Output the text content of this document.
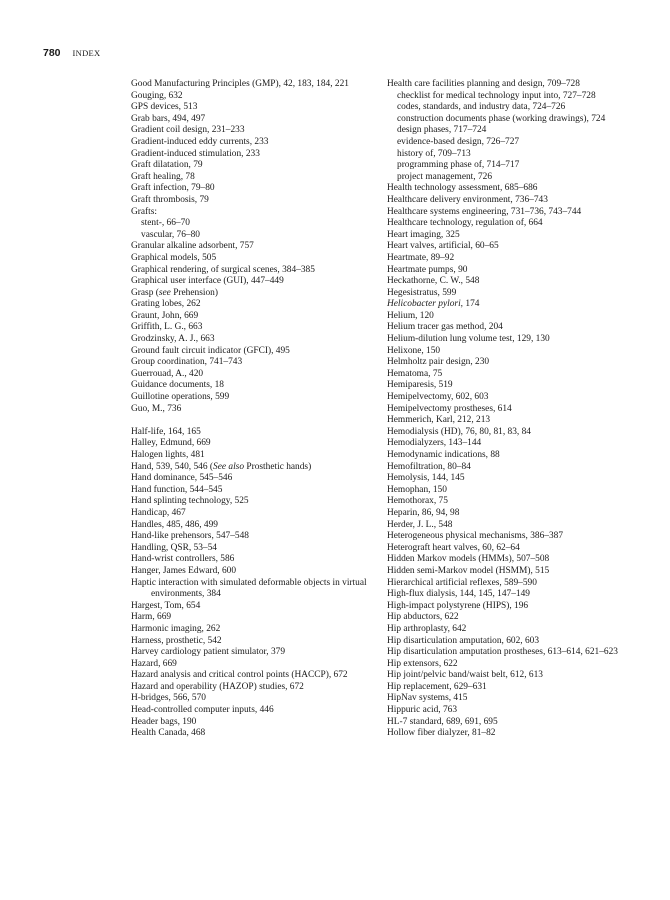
780 INDEX
Good Manufacturing Principles (GMP), 42, 183, 184, 221
Gouging, 632
GPS devices, 513
Grab bars, 494, 497
Gradient coil design, 231–233
Gradient-induced eddy currents, 233
Gradient-induced stimulation, 233
Graft dilatation, 79
Graft healing, 78
Graft infection, 79–80
Graft thrombosis, 79
Grafts:
stent-, 66–70
vascular, 76–80
Granular alkaline adsorbent, 757
Graphical models, 505
Graphical rendering, of surgical scenes, 384–385
Graphical user interface (GUI), 447–449
Grasp (see Prehension)
Grating lobes, 262
Graunt, John, 669
Griffith, L. G., 663
Grodzinsky, A. J., 663
Ground fault circuit indicator (GFCI), 495
Group coordination, 741–743
Guerrouad, A., 420
Guidance documents, 18
Guillotine operations, 599
Guo, M., 736
Half-life, 164, 165
Halley, Edmund, 669
Halogen lights, 481
Hand, 539, 540, 546 (See also Prosthetic hands)
Hand dominance, 545–546
Hand function, 544–545
Hand splinting technology, 525
Handicap, 467
Handles, 485, 486, 499
Hand-like prehensors, 547–548
Handling, QSR, 53–54
Hand-wrist controllers, 586
Hanger, James Edward, 600
Haptic interaction with simulated deformable objects in virtual environments, 384
Hargest, Tom, 654
Harm, 669
Harmonic imaging, 262
Harness, prosthetic, 542
Harvey cardiology patient simulator, 379
Hazard, 669
Hazard analysis and critical control points (HACCP), 672
Hazard and operability (HAZOP) studies, 672
H-bridges, 566, 570
Head-controlled computer inputs, 446
Header bags, 190
Health Canada, 468
Health care facilities planning and design, 709–728
checklist for medical technology input into, 727–728
codes, standards, and industry data, 724–726
construction documents phase (working drawings), 724
design phases, 717–724
evidence-based design, 726–727
history of, 709–713
programming phase of, 714–717
project management, 726
Health technology assessment, 685–686
Healthcare delivery environment, 736–743
Healthcare systems engineering, 731–736, 743–744
Healthcare technology, regulation of, 664
Heart imaging, 325
Heart valves, artificial, 60–65
Heartmate, 89–92
Heartmate pumps, 90
Heckathorne, C. W., 548
Hegesistratus, 599
Helicobacter pylori, 174
Helium, 120
Helium tracer gas method, 204
Helium-dilution lung volume test, 129, 130
Helixone, 150
Helmholtz pair design, 230
Hematoma, 75
Hemiparesis, 519
Hemipelvectomy, 602, 603
Hemipelvectomy prostheses, 614
Hemmerich, Karl, 212, 213
Hemodialysis (HD), 76, 80, 81, 83, 84
Hemodialyzers, 143–144
Hemodynamic indications, 88
Hemofiltration, 80–84
Hemolysis, 144, 145
Hemophan, 150
Hemothorax, 75
Heparin, 86, 94, 98
Herder, J. L., 548
Heterogeneous physical mechanisms, 386–387
Heterograft heart valves, 60, 62–64
Hidden Markov models (HMMs), 507–508
Hidden semi-Markov model (HSMM), 515
Hierarchical artificial reflexes, 589–590
High-flux dialysis, 144, 145, 147–149
High-impact polystyrene (HIPS), 196
Hip abductors, 622
Hip arthroplasty, 642
Hip disarticulation amputation, 602, 603
Hip disarticulation amputation prostheses, 613–614, 621–623
Hip extensors, 622
Hip joint/pelvic band/waist belt, 612, 613
Hip replacement, 629–631
HipNav systems, 415
Hippuric acid, 763
HL-7 standard, 689, 691, 695
Hollow fiber dialyzer, 81–82
